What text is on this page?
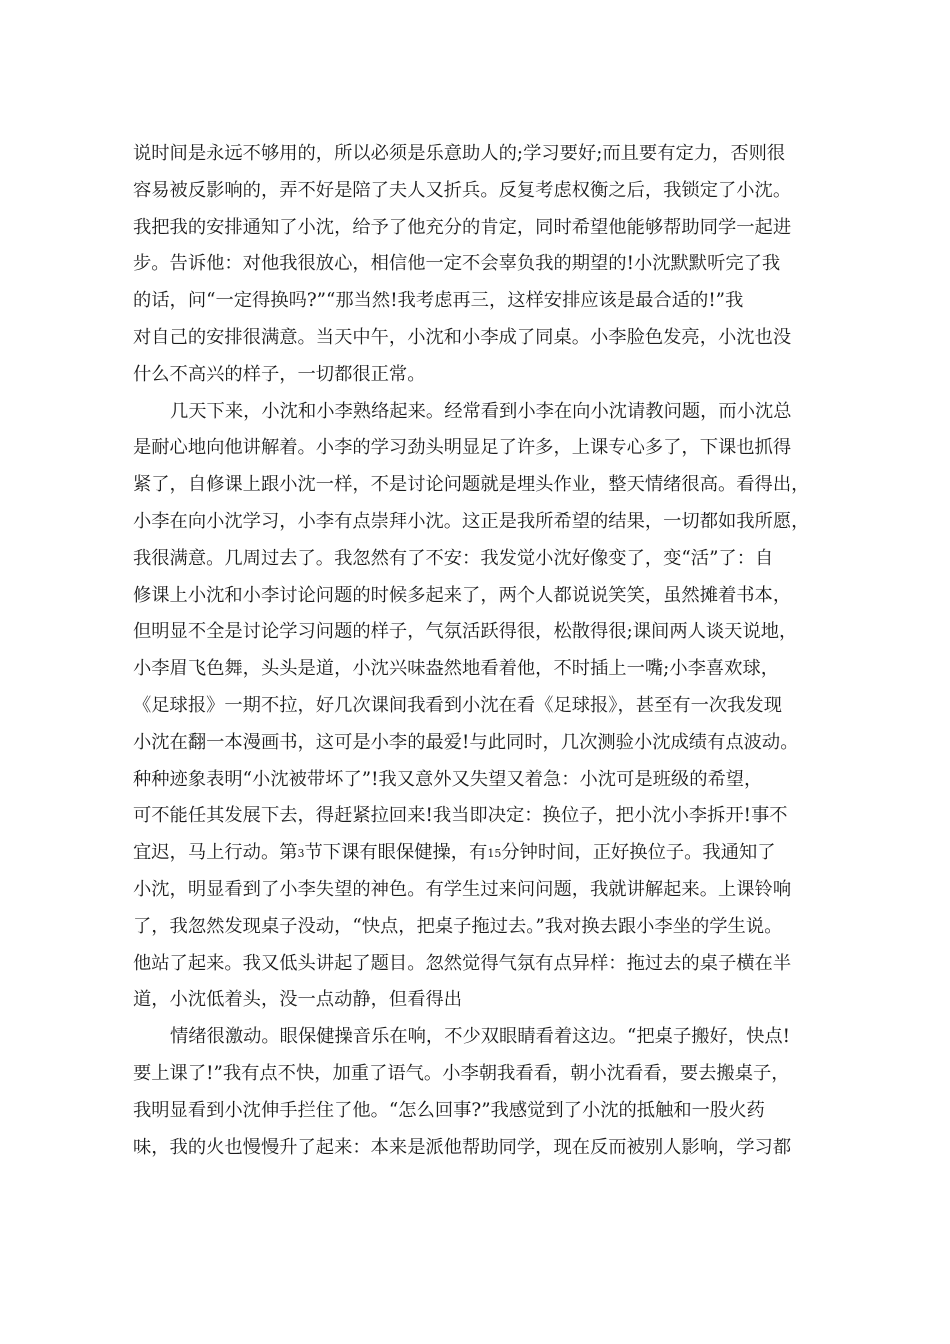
说时间是永远不够用的，所以必须是乐意助人的;学习要好;而且要有定力，否则很
容易被反影响的，弄不好是陪了夫人又折兵。反复考虑权衡之后，我锁定了小沈。
我把我的安排通知了小沈，给予了他充分的肯定，同时希望他能够帮助同学一起进
步。告诉他：对他我很放心，相信他一定不会辜负我的期望的!小沈默默听完了我
的话，问“一定得换吗?”“那当然!我考虑再三，这样安排应该是最合适的!”我
对自己的安排很满意。当天中午，小沈和小李成了同桌。小李脸色发亮，小沈也没
什么不高兴的样子，一切都很正常。
几天下来，小沈和小李熟络起来。经常看到小李在向小沈请教问题，而小沈总
是耐心地向他讲解着。小李的学习劲头明显足了许多，上课专心多了，下课也抓得
紧了，自修课上跟小沈一样，不是讨论问题就是埋头作业，整天情绪很高。看得出，
小李在向小沈学习，小李有点崇拜小沈。这正是我所希望的结果，一切都如我所愿，
我很满意。几周过去了。我忽然有了不安：我发觉小沈好像变了，变“活”了：自
修课上小沈和小李讨论问题的时候多起来了，两个人都说说笑笑，虽然摊着书本，
但明显不全是讨论学习问题的样子，气氛活跃得很，松散得很;课间两人谈天说地，
小李眉飞色舞，头头是道，小沈兴味盎然地看着他，不时插上一嘴;小李喜欢球，
《足球报》一期不拉，好几次课间我看到小沈在看《足球报》，甚至有一次我发现
小沈在翻一本漫画书，这可是小李的最爱!与此同时，几次测验小沈成绩有点波动。
种种迹象表明“小沈被带坏了”!我又意外又失望又着急：小沈可是班级的希望，
可不能任其发展下去，得赶紧拉回来!我当即决定：换位子，把小沈小李拆开!事不
宜迟，马上行动。第3节下课有眼保健操，有15分钟时间，正好换位子。我通知了
小沈，明显看到了小李失望的神色。有学生过来问问题，我就讲解起来。上课铃响
了，我忽然发现桌子没动，“快点，把桌子拖过去。”我对换去跟小李坐的学生说。
他站了起来。我又低头讲起了题目。忽然觉得气氛有点异样：拖过去的桌子横在半
道，小沈低着头，没一点动静，但看得出
情绪很激动。眼保健操音乐在响，不少双眼睛看着这边。“把桌子搬好，快点!
要上课了!”我有点不快，加重了语气。小李朝我看看，朝小沈看看，要去搬桌子，
我明显看到小沈伸手拦住了他。“怎么回事?”我感觉到了小沈的抵触和一股火药
味，我的火也慢慢升了起来：本来是派他帮助同学，现在反而被别人影响，学习都
